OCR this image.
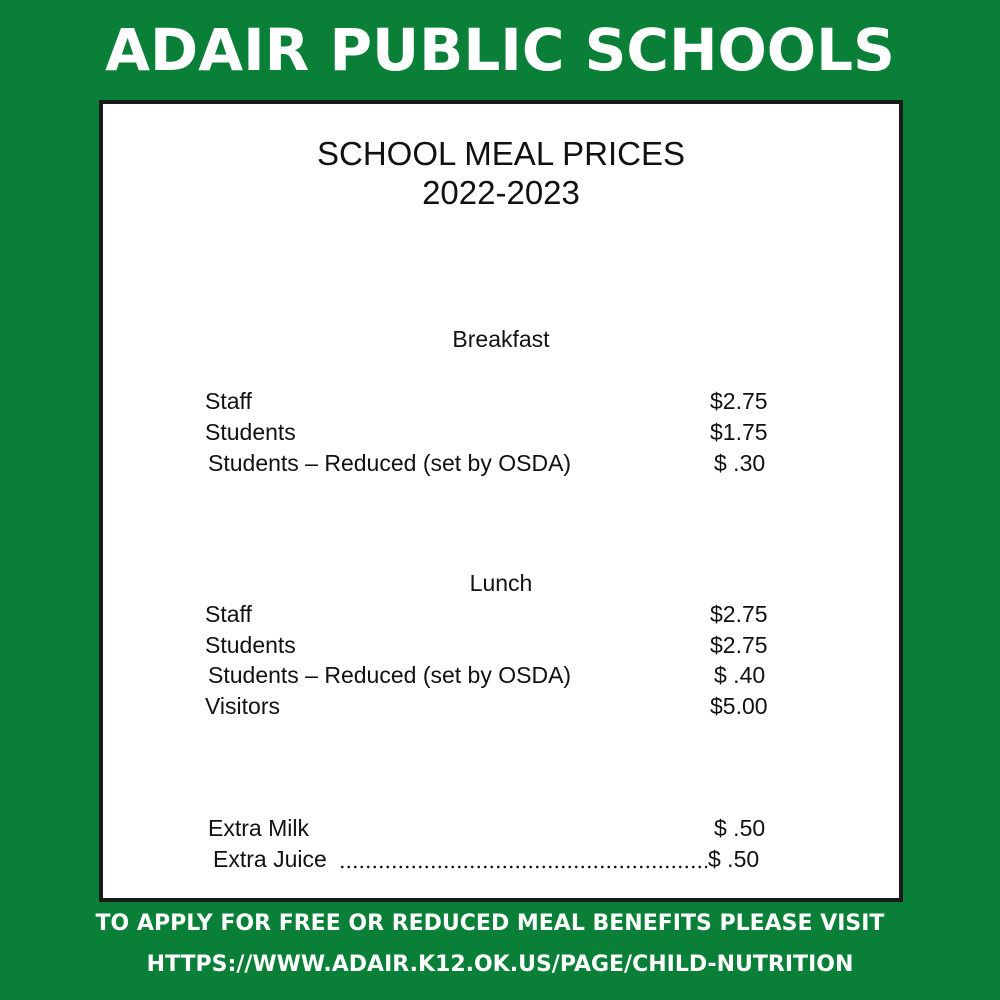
ADAIR PUBLIC SCHOOLS
SCHOOL MEAL PRICES
2022-2023
Breakfast
Staff	$2.75
Students	$1.75
Students – Reduced (set by OSDA)	$ .30
Lunch
Staff	$2.75
Students	$2.75
Students – Reduced (set by OSDA)	$ .40
Visitors	$5.00
Extra Milk	$ .50
Extra Juice	$ .50
TO APPLY FOR FREE OR REDUCED MEAL BENEFITS PLEASE VISIT
HTTPS://WWW.ADAIR.K12.OK.US/PAGE/CHILD-NUTRITION
